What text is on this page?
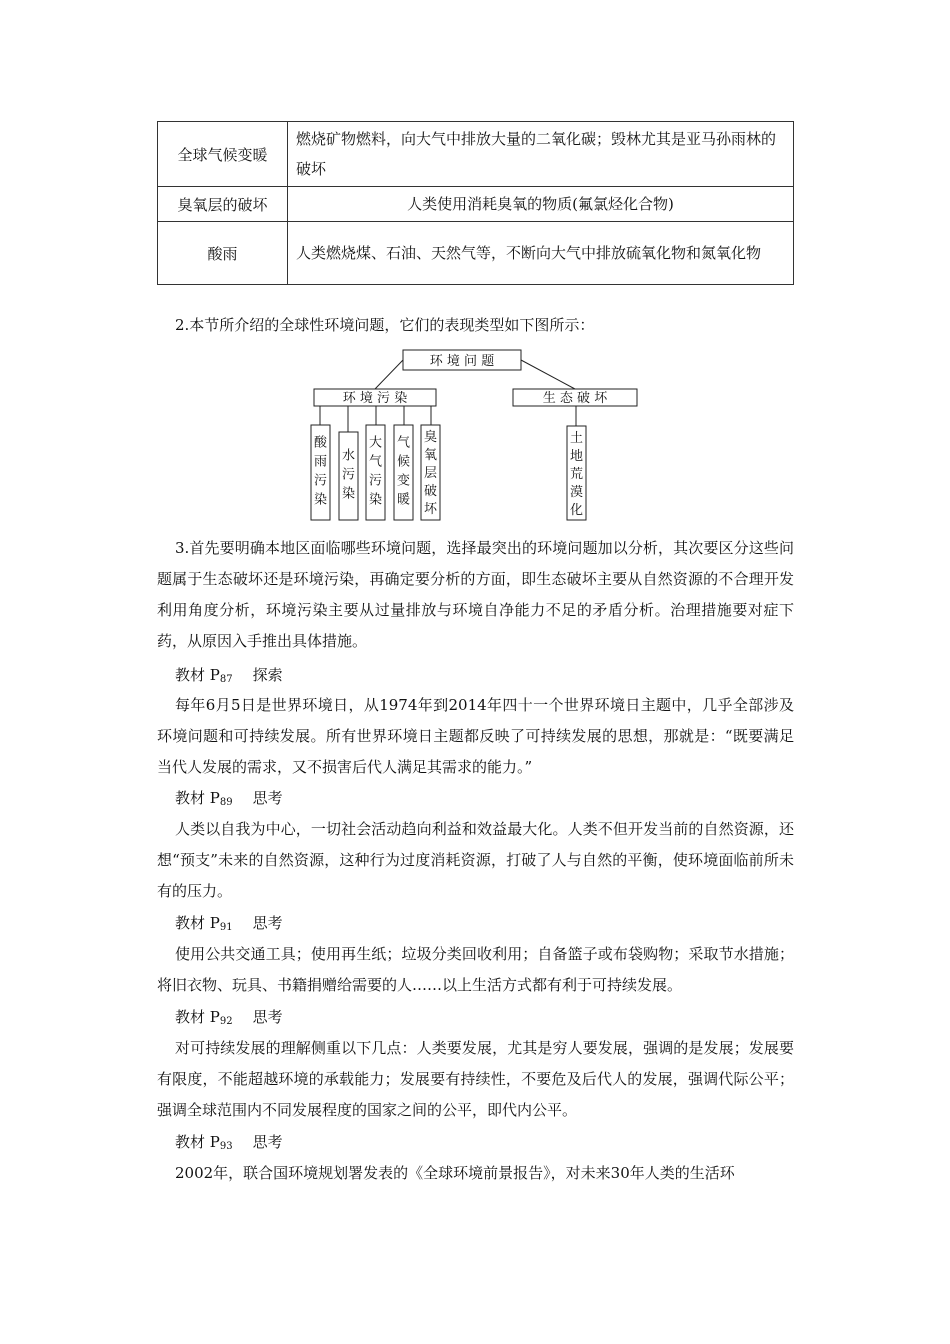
全球气候变暖	燃烧矿物燃料，向大气中排放大量的二氧化碳；毁林尤其是亚马孙雨林的破坏
臭氧层的破坏	人类使用消耗臭氧的物质(氟氯烃化合物)
酸雨	人类燃烧煤、石油、天然气等，不断向大气中排放硫氧化物和氮氧化物

2.本节所介绍的全球性环境问题，它们的表现类型如下图所示：

环 境 问 题
环 境 污 染	生 态 破 坏
酸雨污染
水污染
大气污染
气候变暖
臭氧层破坏
土地荒漠化

3.首先要明确本地区面临哪些环境问题，选择最突出的环境问题加以分析，其次要区分这些问题属于生态破坏还是环境污染，再确定要分析的方面，即生态破坏主要从自然资源的不合理开发利用角度分析，环境污染主要从过量排放与环境自净能力不足的矛盾分析。治理措施要对症下药，从原因入手推出具体措施。

教材 $P_{87}$ 探索

每年6月5日是世界环境日，从1974年到2014年四十一个世界环境日主题中，几乎全部涉及环境问题和可持续发展。所有世界环境日主题都反映了可持续发展的思想，那就是：“既要满足当代人发展的需求，又不损害后代人满足其需求的能力。”

教材 $P_{89}$ 思考

人类以自我为中心，一切社会活动趋向利益和效益最大化。人类不但开发当前的自然资源，还想“预支”未来的自然资源，这种行为过度消耗资源，打破了人与自然的平衡，使环境面临前所未有的压力。

教材 $P_{91}$ 思考

使用公共交通工具；使用再生纸；垃圾分类回收利用；自备篮子或布袋购物；采取节水措施；将旧衣物、玩具、书籍捐赠给需要的人……以上生活方式都有利于可持续发展。

教材 $P_{92}$ 思考

对可持续发展的理解侧重以下几点：人类要发展，尤其是穷人要发展，强调的是发展；发展要有限度，不能超越环境的承载能力；发展要有持续性，不要危及后代人的发展，强调代际公平；强调全球范围内不同发展程度的国家之间的公平，即代内公平。

教材 $P_{93}$ 思考

2002年，联合国环境规划署发表的《全球环境前景报告》，对未来30年人类的生活环
